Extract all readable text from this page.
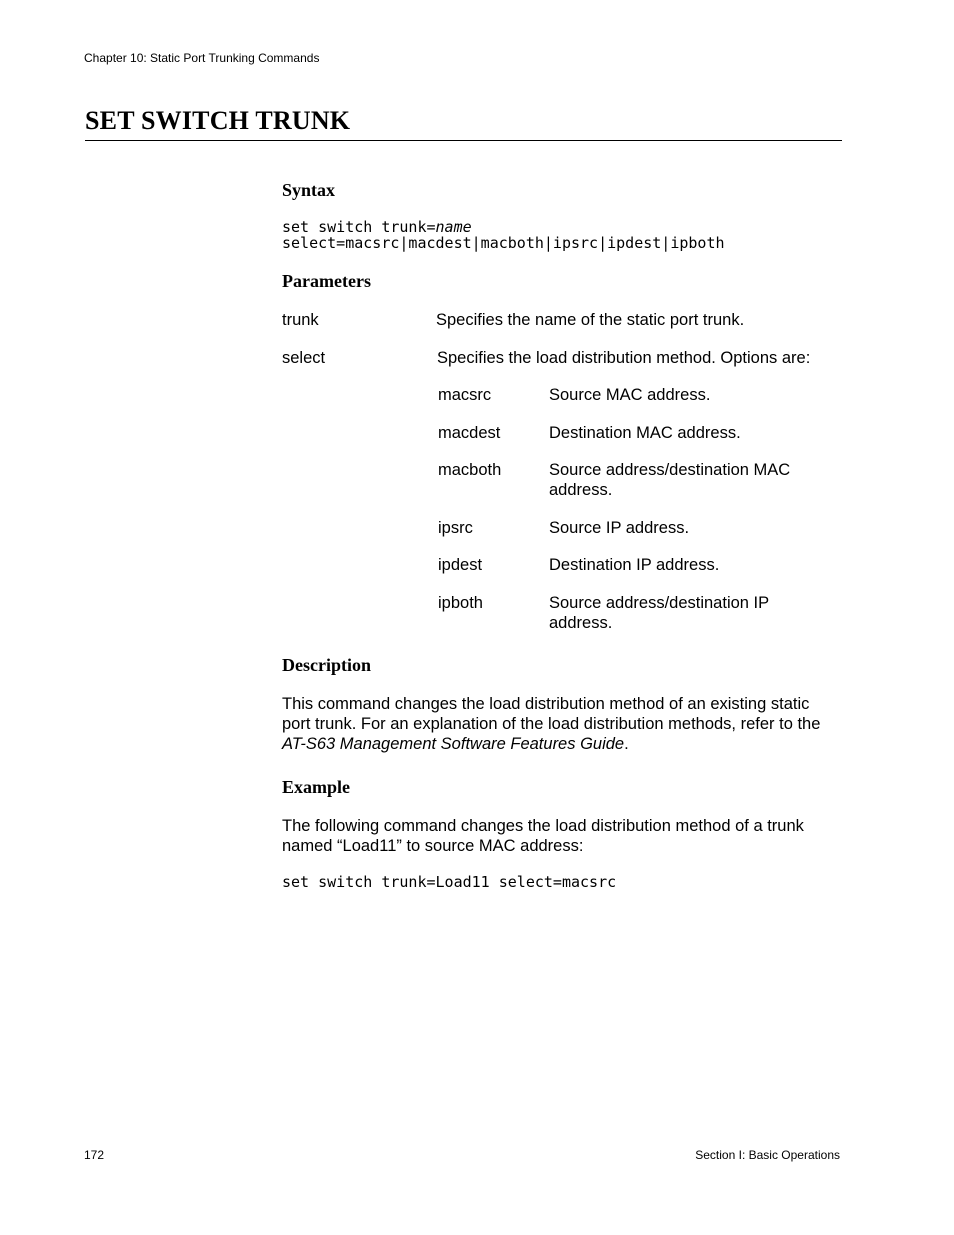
Chapter 10: Static Port Trunking Commands
SET SWITCH TRUNK
Syntax
set switch trunk=name
select=macsrc|macdest|macboth|ipsrc|ipdest|ipboth
Parameters
trunk	Specifies the name of the static port trunk.
select	Specifies the load distribution method. Options are:
macsrc	Source MAC address.
macdest	Destination MAC address.
macboth	Source address/destination MAC address.
ipsrc	Source IP address.
ipdest	Destination IP address.
ipboth	Source address/destination IP address.
Description
This command changes the load distribution method of an existing static port trunk. For an explanation of the load distribution methods, refer to the AT-S63 Management Software Features Guide.
Example
The following command changes the load distribution method of a trunk named “Load11” to source MAC address:
set switch trunk=Load11 select=macsrc
172	Section I: Basic Operations
